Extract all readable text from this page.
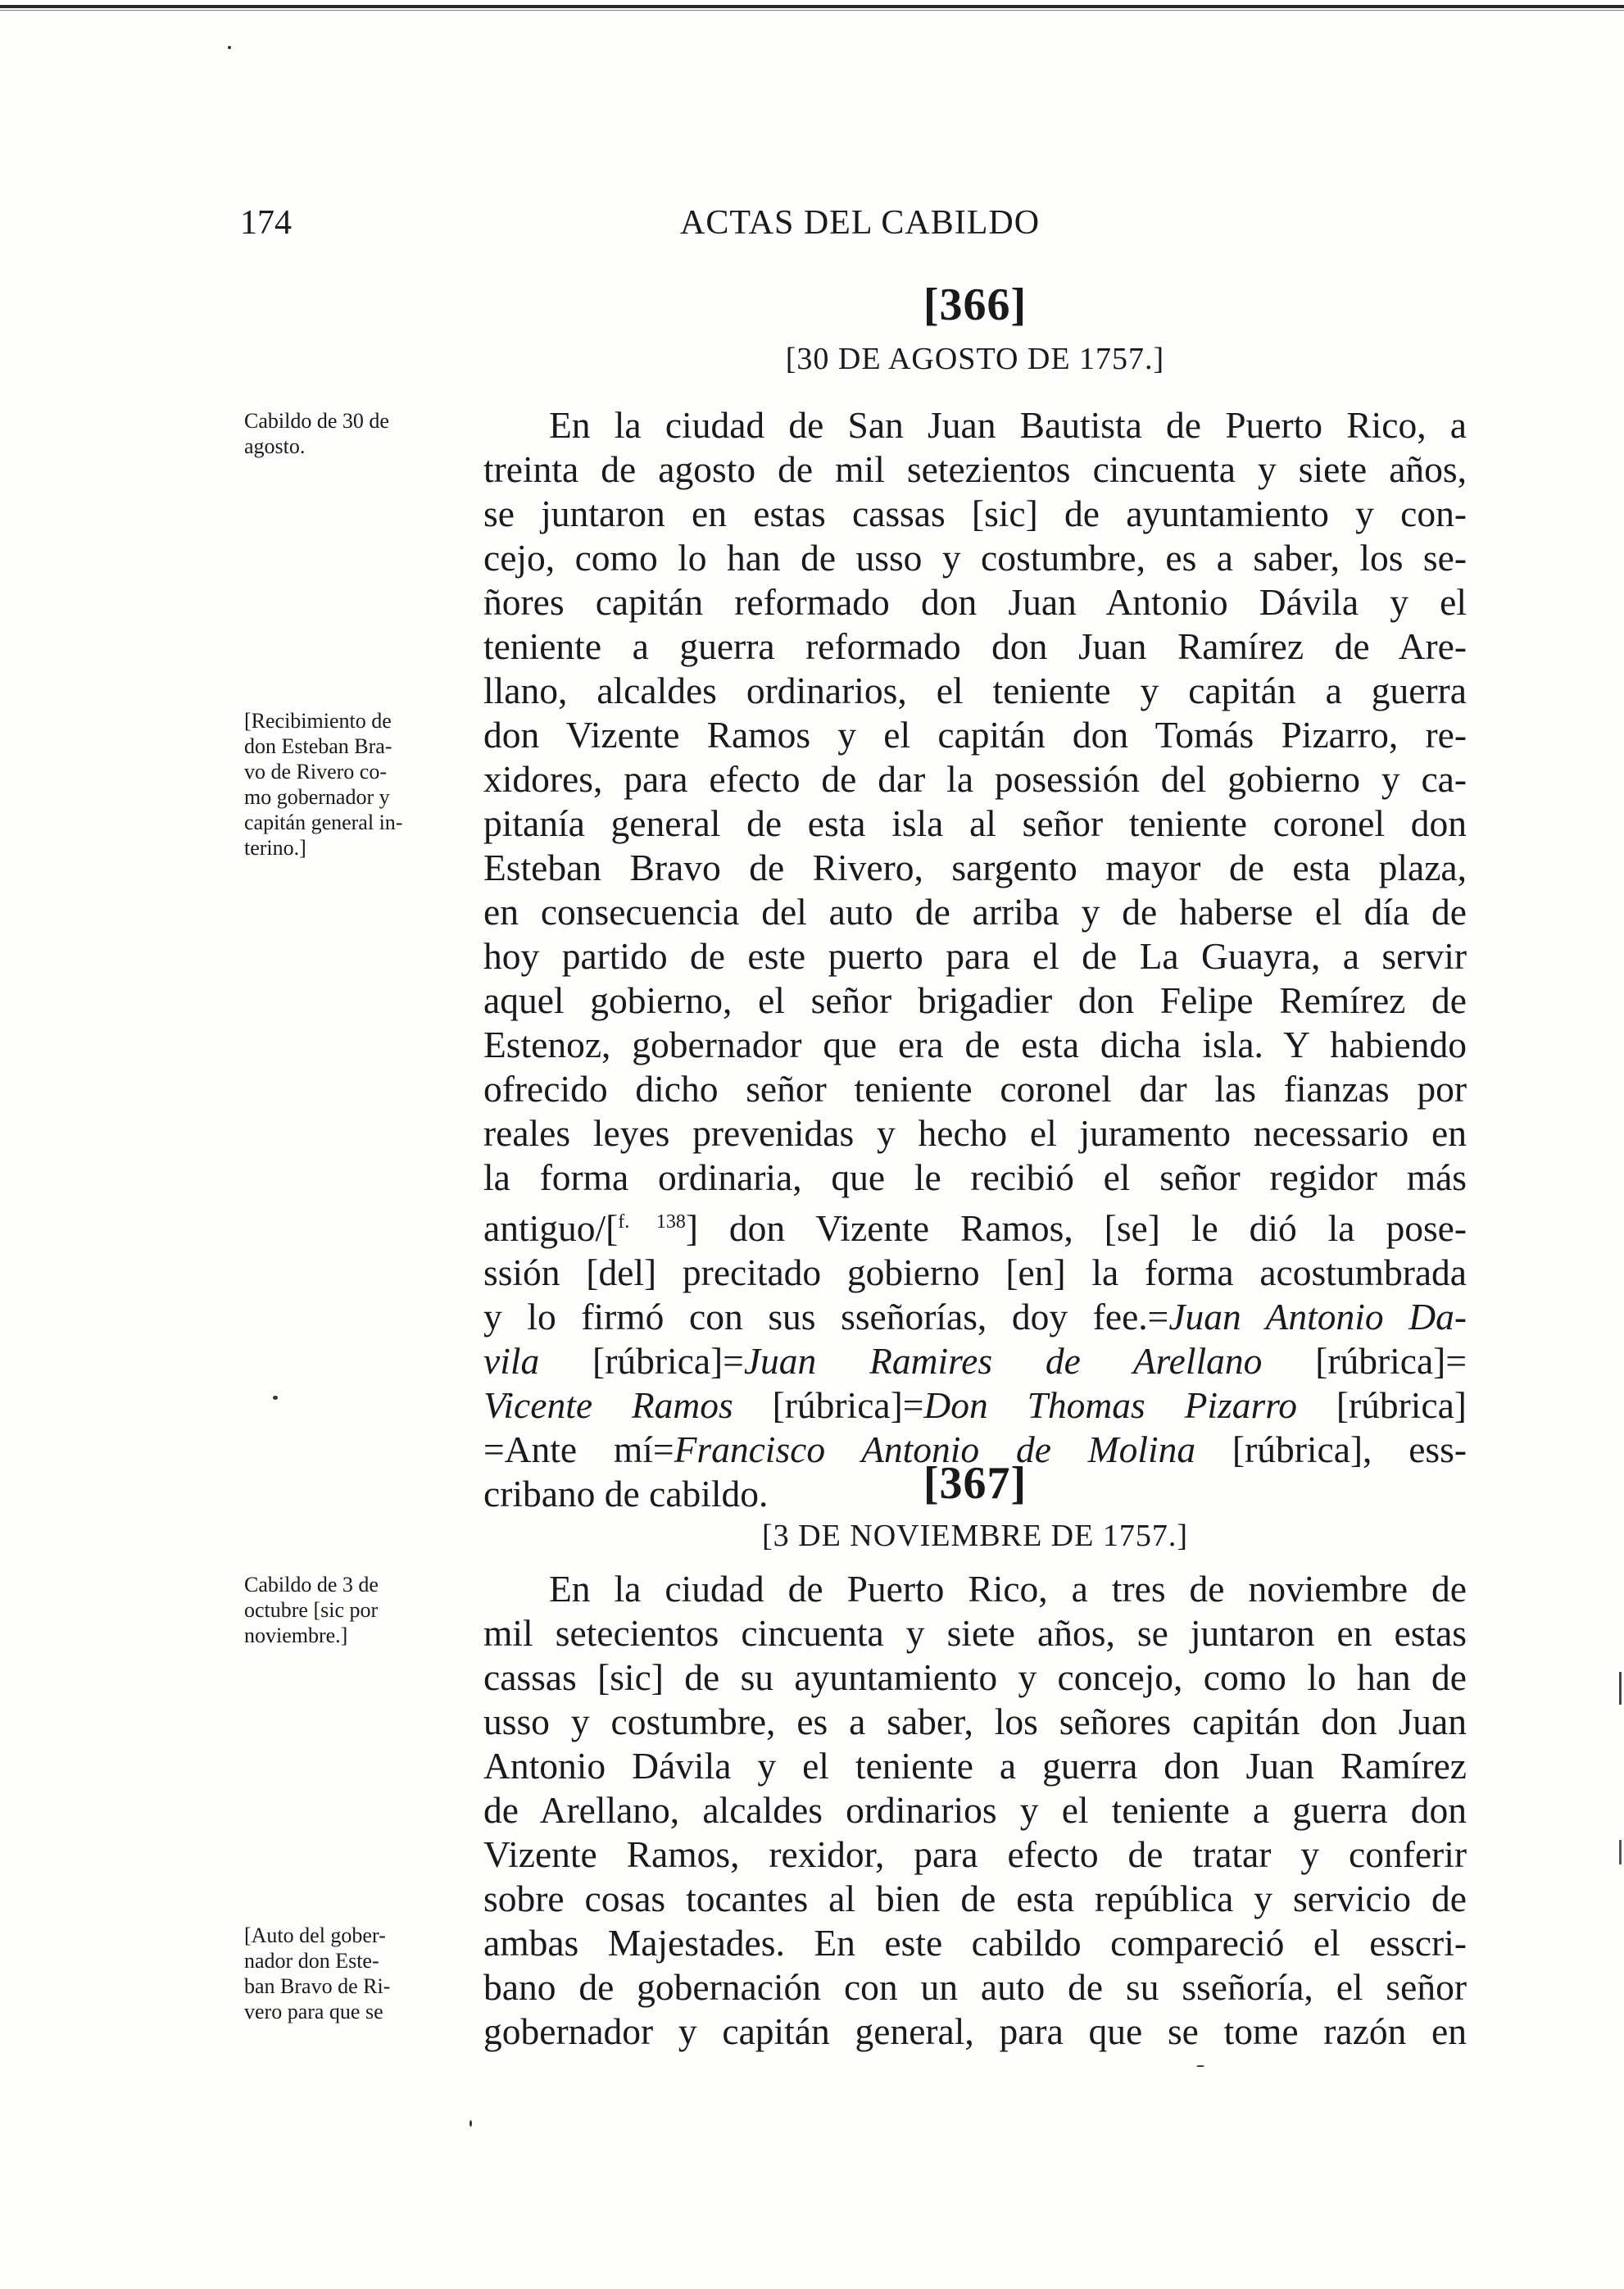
174	ACTAS DEL CABILDO
[366]
[30 DE AGOSTO DE 1757.]
En la ciudad de San Juan Bautista de Puerto Rico, a
treinta de agosto de mil setezientos cincuenta y siete años,
se juntaron en estas cassas [sic] de ayuntamiento y con-
cejo, como lo han de usso y costumbre, es a saber, los se-
ñores capitán reformado don Juan Antonio Dávila y el
teniente a guerra reformado don Juan Ramírez de Are-
llano, alcaldes ordinarios, el teniente y capitán a guerra
don Vizente Ramos y el capitán don Tomás Pizarro, re-
xidores, para efecto de dar la posessión del gobierno y ca-
pitanía general de esta isla al señor teniente coronel don
Esteban Bravo de Rivero, sargento mayor de esta plaza,
en consecuencia del auto de arriba y de haberse el día de
hoy partido de este puerto para el de La Guayra, a servir
aquel gobierno, el señor brigadier don Felipe Remírez de
Estenoz, gobernador que era de esta dicha isla. Y habiendo
ofrecido dicho señor teniente coronel dar las fianzas por
reales leyes prevenidas y hecho el juramento necessario en
la forma ordinaria, que le recibió el señor regidor más
antiguo/[$^{f. 138}$] don Vizente Ramos, [se] le dió la pose-
ssión [del] precitado gobierno [en] la forma acostumbrada
y lo firmó con sus sseñorías, doy fee.=Juan Antonio Da-
vila [rúbrica]=Juan Ramires de Arellano [rúbrica]=
Vicente Ramos [rúbrica]=Don Thomas Pizarro [rúbrica]
=Ante mí=Francisco Antonio de Molina [rúbrica], ess-
cribano de cabildo.	[367]
[3 DE NOVIEMBRE DE 1757.]
En la ciudad de Puerto Rico, a tres de noviembre de
mil setecientos cincuenta y siete años, se juntaron en estas
cassas [sic] de su ayuntamiento y concejo, como lo han de
usso y costumbre, es a saber, los señores capitán don Juan
Antonio Dávila y el teniente a guerra don Juan Ramírez
de Arellano, alcaldes ordinarios y el teniente a guerra don
Vizente Ramos, rexidor, para efecto de tratar y conferir
sobre cosas tocantes al bien de esta república y servicio de
ambas Majestades. En este cabildo compareció el esscri-
bano de gobernación con un auto de su sseñoría, el señor
gobernador y capitán general, para que se tome razón en
Cabildo de 30 de
agosto.
[Recibimiento de
don Esteban Bra-
vo de Rivero co-
mo gobernador y
capitán general in-
terino.]
Cabildo de 3 de
octubre [sic por
noviembre.]
[Auto del gober-
nador don Este-
ban Bravo de Ri-
vero para que se
